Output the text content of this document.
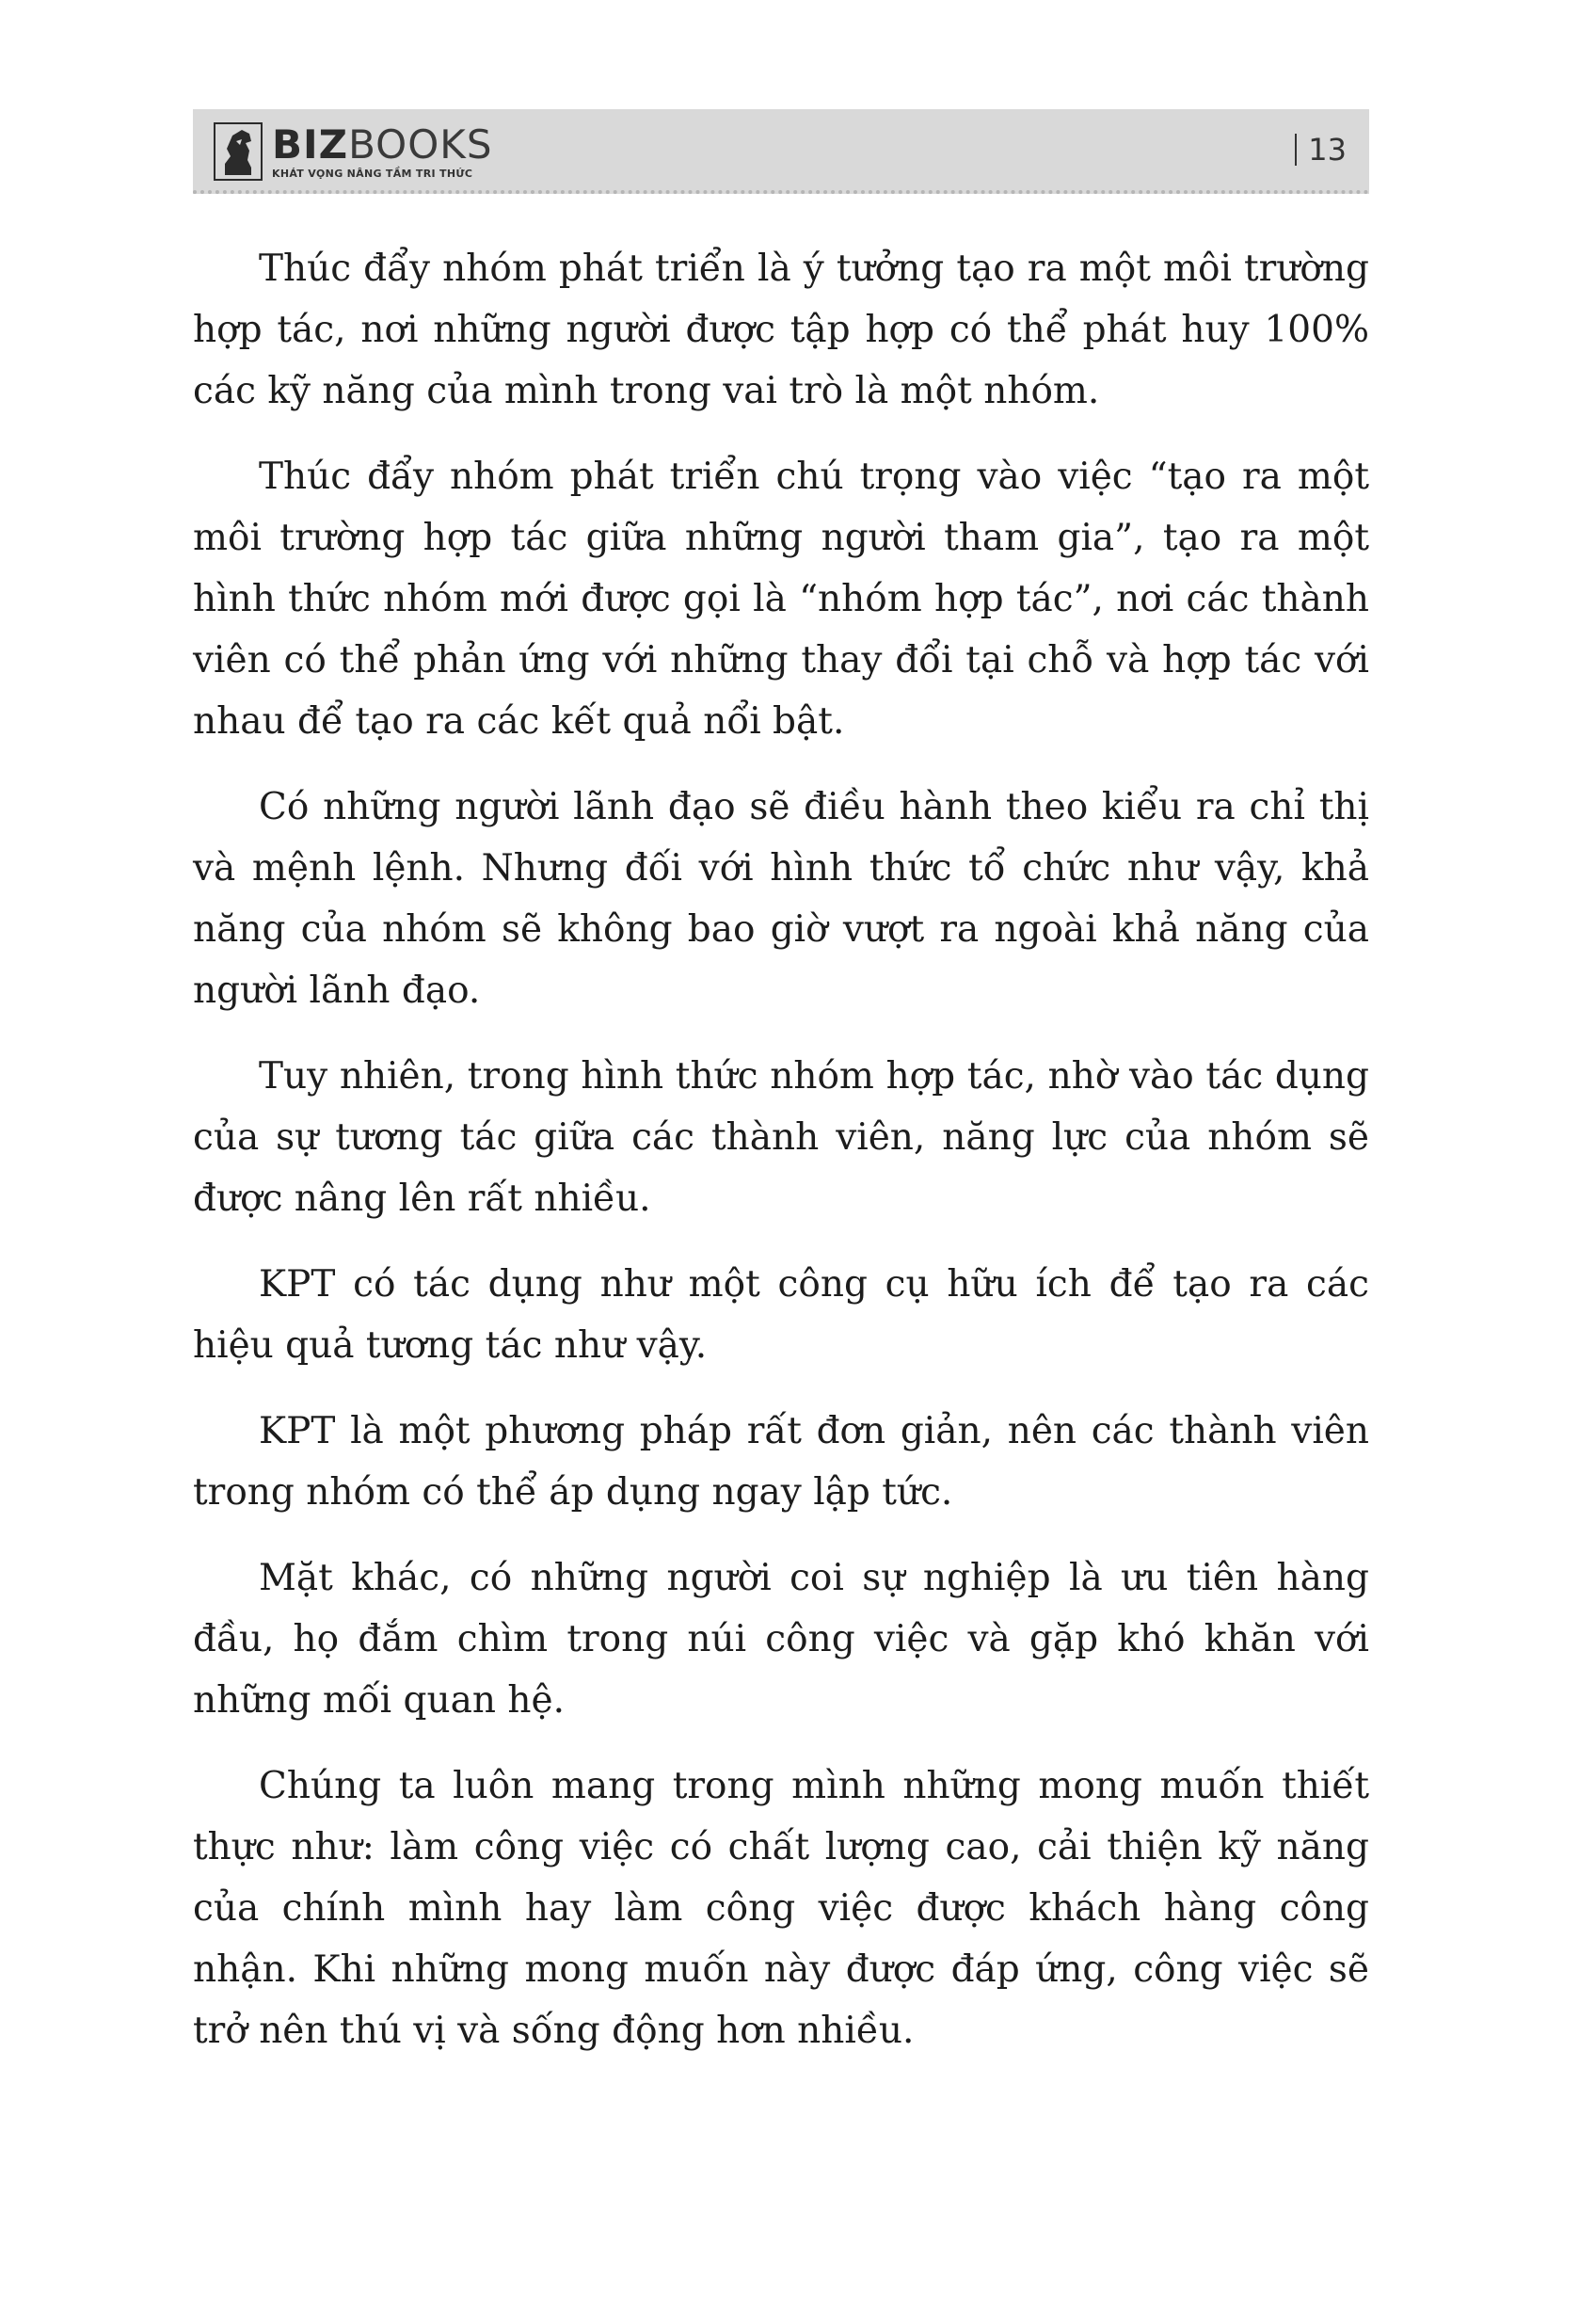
BIZBOOKS
KHÁT VỌNG NÂNG TẦM TRI THỨC
13

Thúc đẩy nhóm phát triển là ý tưởng tạo ra một môi trường hợp tác, nơi những người được tập hợp có thể phát huy 100% các kỹ năng của mình trong vai trò là một nhóm.

Thúc đẩy nhóm phát triển chú trọng vào việc “tạo ra một môi trường hợp tác giữa những người tham gia”, tạo ra một hình thức nhóm mới được gọi là “nhóm hợp tác”, nơi các thành viên có thể phản ứng với những thay đổi tại chỗ và hợp tác với nhau để tạo ra các kết quả nổi bật.

Có những người lãnh đạo sẽ điều hành theo kiểu ra chỉ thị và mệnh lệnh. Nhưng đối với hình thức tổ chức như vậy, khả năng của nhóm sẽ không bao giờ vượt ra ngoài khả năng của người lãnh đạo.

Tuy nhiên, trong hình thức nhóm hợp tác, nhờ vào tác dụng của sự tương tác giữa các thành viên, năng lực của nhóm sẽ được nâng lên rất nhiều.

KPT có tác dụng như một công cụ hữu ích để tạo ra các hiệu quả tương tác như vậy.

KPT là một phương pháp rất đơn giản, nên các thành viên trong nhóm có thể áp dụng ngay lập tức.

Mặt khác, có những người coi sự nghiệp là ưu tiên hàng đầu, họ đắm chìm trong núi công việc và gặp khó khăn với những mối quan hệ.

Chúng ta luôn mang trong mình những mong muốn thiết thực như: làm công việc có chất lượng cao, cải thiện kỹ năng của chính mình hay làm công việc được khách hàng công nhận. Khi những mong muốn này được đáp ứng, công việc sẽ trở nên thú vị và sống động hơn nhiều.
